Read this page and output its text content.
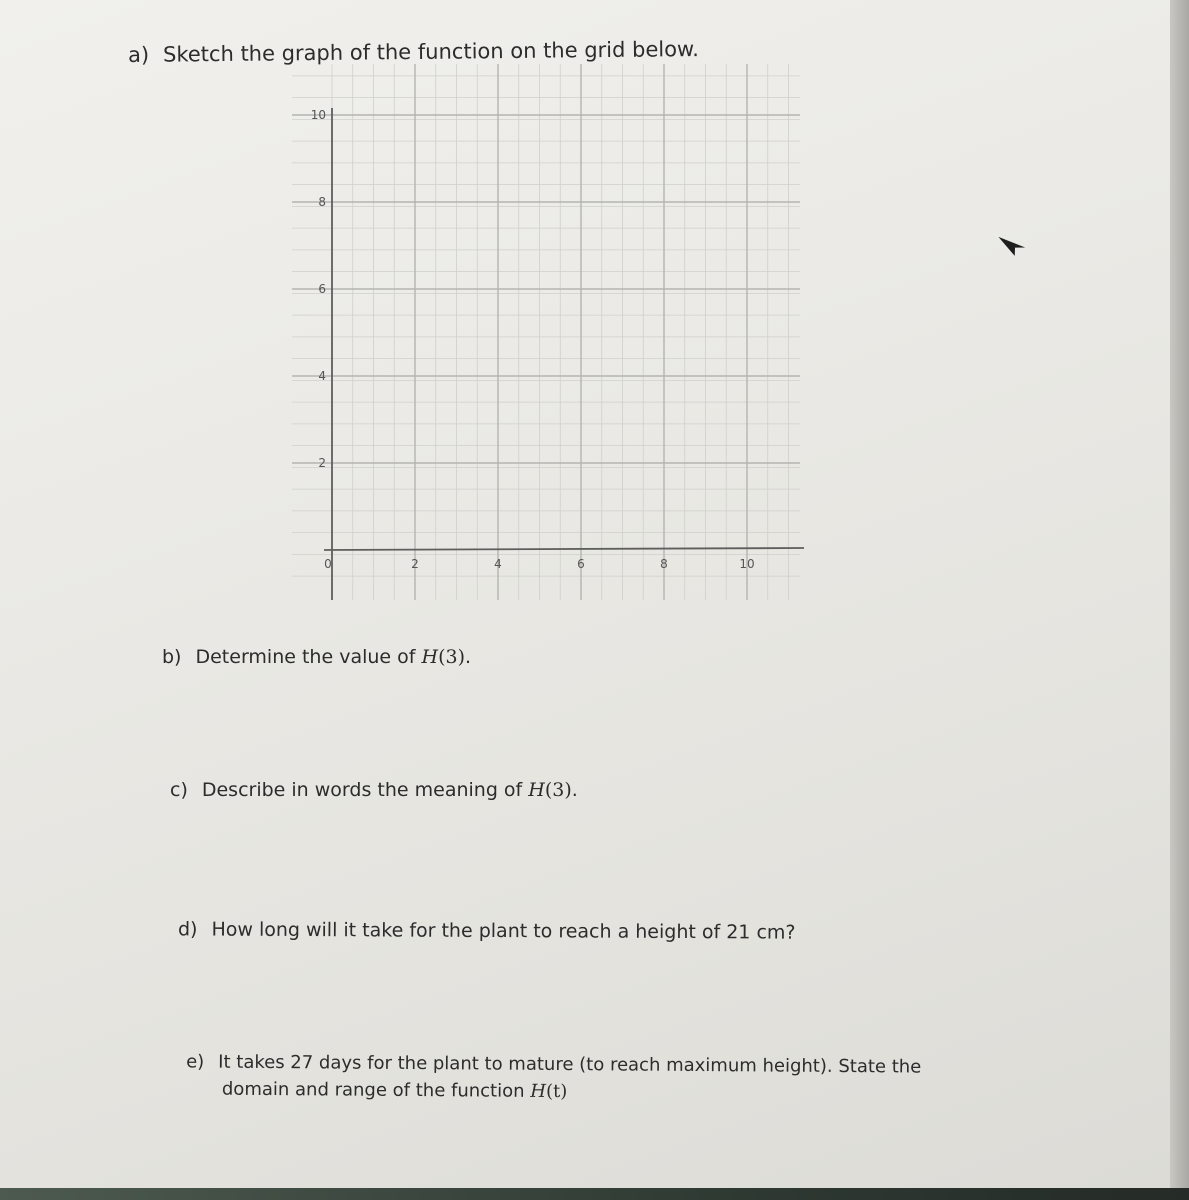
a) Sketch the graph of the function on the grid below.
0	2	4	6	8	10
2
4
6
8
10
b) Determine the value of H(3).
c) Describe in words the meaning of H(3).
d) How long will it take for the plant to reach a height of 21 cm?
e) It takes 27 days for the plant to mature (to reach maximum height). State the
domain and range of the function H(t)
